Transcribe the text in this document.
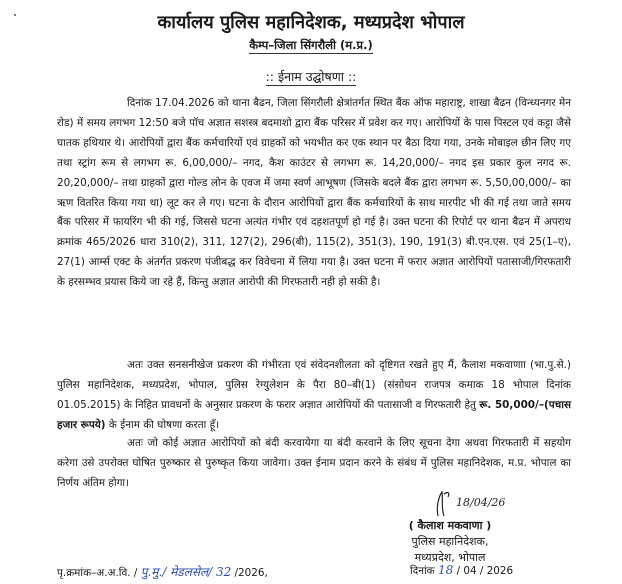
कार्यालय पुलिस महानिदेशक, मध्यप्रदेश भोपाल
कैम्प–जिला सिंगरौली (म.प्र.)
:: ईनाम उद्घोषणा ::
दिनांक 17.04.2026 को थाना बैढन, जिला सिंगरौली क्षेत्रांतर्गत स्थित बैंक ऑफ महाराष्ट्र, शाखा बैढन (विन्ध्यनगर मेन रोड) में समय लगभग 12:50 बजे पॉच अज्ञात सशस्त्र बदमाशो द्वारा बैंक परिसर में प्रवेश कर गए। आरोपियों के पास पिस्टल एवं कट्टा जैसे घातक हथियार थे। आरोपियों द्वारा बैंक कर्मचारियों एवं ग्राहकों को भयभीत कर एक स्थान पर बैठा दिया गया, उनके मोबाइल छीन लिए गए तथा स्ट्रांग रूम से लगभग रू. 6,00,000/– नगद, कैश काउंटर से लगभग रू. 14,20,000/– नगद इस प्रकार कुल नगद रू. 20,20,000/– तथा ग्राहकों द्वारा गोल्ड लोन के एवज में जमा स्वर्ण आभूषण (जिसके बदले बैंक द्वारा लगभग रू. 5,50,00,000/– का ऋण वितरित किया गया था) लूट कर ले गए। घटना के दौरान आरोपियों द्वारा बैंक कर्मचारियों के साथ मारपीट भी की गई तथा जाते समय बैंक परिसर में फायरिंग भी की गई, जिससे घटना अत्यंत गंभीर एवं दहशतपूर्ण हो गई है। उक्त घटना की रिपोर्ट पर थाना बैढन में अपराध क्रमांक 465/2026 धारा 310(2), 311, 127(2), 296(बी), 115(2), 351(3), 190, 191(3) बी.एन.एस. एवं 25(1–ए), 27(1) आर्म्स एक्ट के अंतर्गत प्रकरण पंजीबद्ध कर विवेचना में लिया गया है। उक्त घटना में फरार अज्ञात आरोपियों पतासाजी/गिरफतारी के हरसम्भव प्रयास किये जा रहे हैं, किन्तु अज्ञात आरोपी की गिरफतारी नही हो सकी है।
अतः उक्त सनसनीखेज प्रकरण की गंभीरता एवं संवेदनशीलता को दृष्टिगत रखते हुए मैं, कैलाश मकवाणाा (भा.पु.से.) पुलिस महानिदेशक, मध्यप्रदेश, भोपाल, पुलिस रेग्युलेशन के पैरा 80–बी(1) (संसोधन राजपत्र कमाक 18 भोपाल दिनांक 01.05.2015) के निहित प्रावधनों के अनुसार प्रकरण के फरार अज्ञात आरोपियों की पतासाजी व गिरफतारी हेतु रू. 50,000/–(पचास हजार रूपये) के ईनाम की घोषणा करता हूँ।
अतः जो कोई अज्ञात आरोपियों को बंदी करवायेगा या बंदी करवाने के लिए सूचना देगा अथवा गिरफतारी में सहयोग करेगा उसे उपरोक्त घोषित पुरुष्कार से पुरुष्कृत किया जावेगा। उक्त ईनाम प्रदान करने के संबंध में पुलिस महानिदेशक, म.प्र. भोपाल का निर्णय अंतिम होगा।
18/04/26
( कैलाश मकवाणा )
पुलिस महानिदेशक,
मध्यप्रदेश, भोपाल
पृ.क्रमांक–अ.अ.वि. / पु.मु./ मेडलसेल/ 32 /2026,	दिनांक 18 / 04 / 2026
